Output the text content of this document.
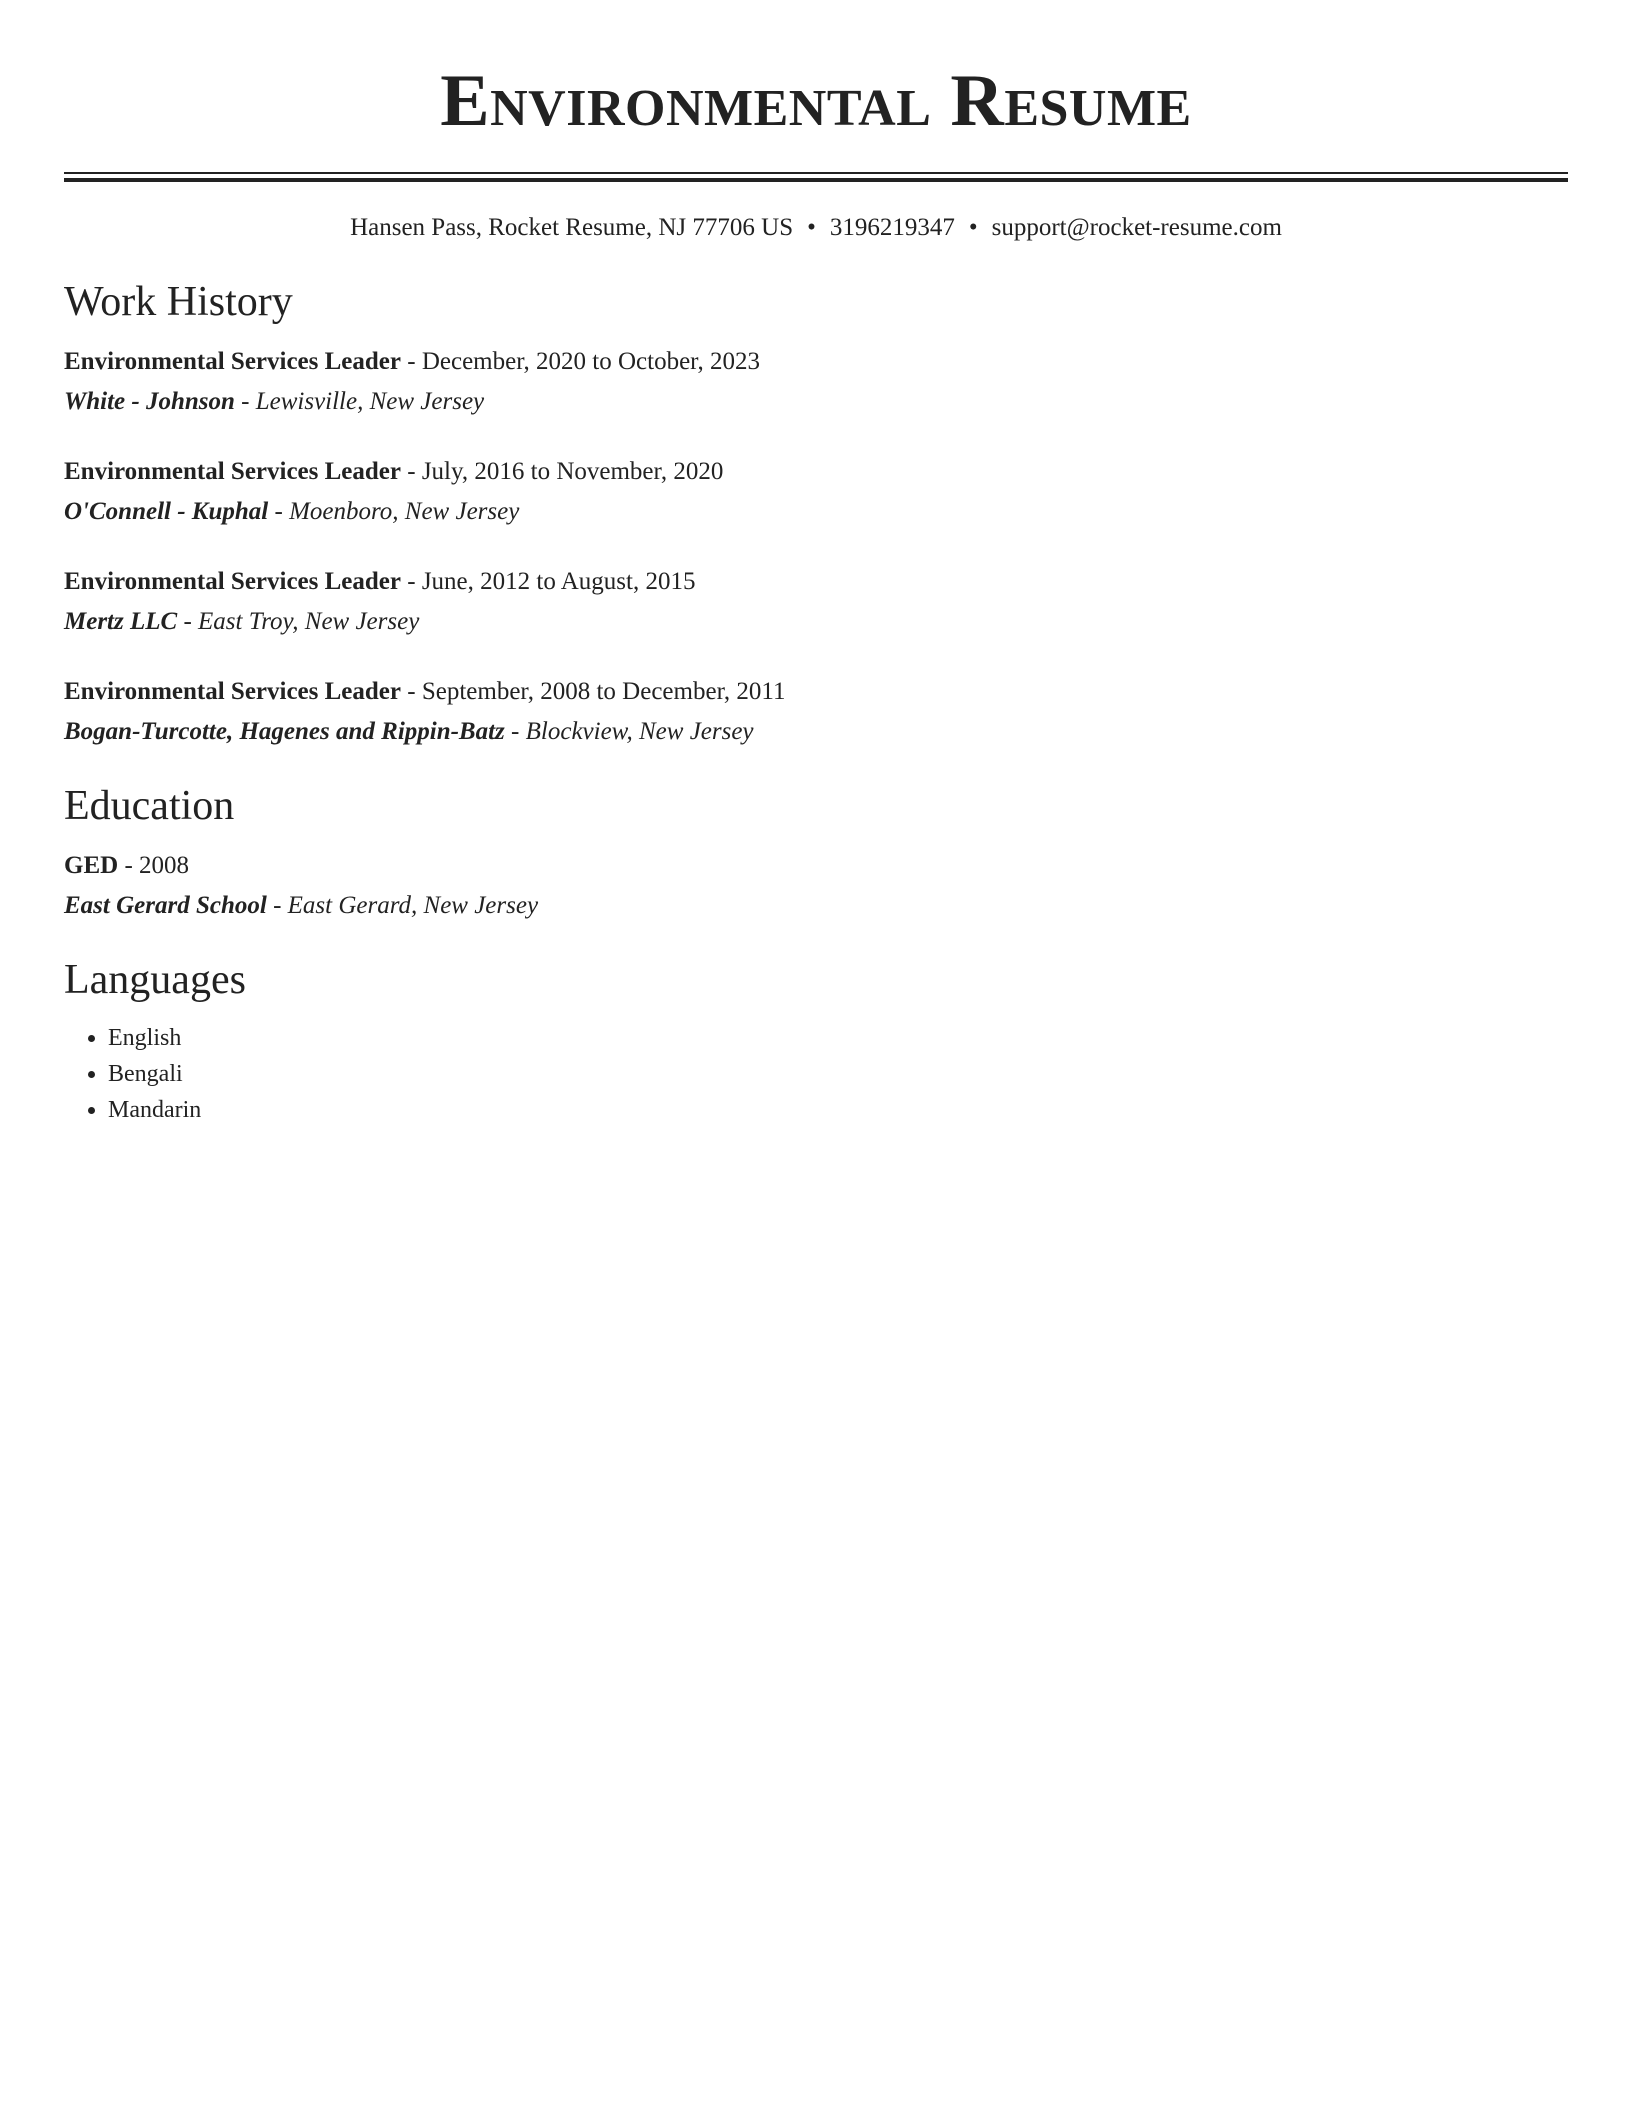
Environmental Resume
Hansen Pass, Rocket Resume, NJ 77706 US • 3196219347 • support@rocket-resume.com
Work History
Environmental Services Leader - December, 2020 to October, 2023
White - Johnson - Lewisville, New Jersey
Environmental Services Leader - July, 2016 to November, 2020
O'Connell - Kuphal - Moenboro, New Jersey
Environmental Services Leader - June, 2012 to August, 2015
Mertz LLC - East Troy, New Jersey
Environmental Services Leader - September, 2008 to December, 2011
Bogan-Turcotte, Hagenes and Rippin-Batz - Blockview, New Jersey
Education
GED - 2008
East Gerard School - East Gerard, New Jersey
Languages
• English
• Bengali
• Mandarin
